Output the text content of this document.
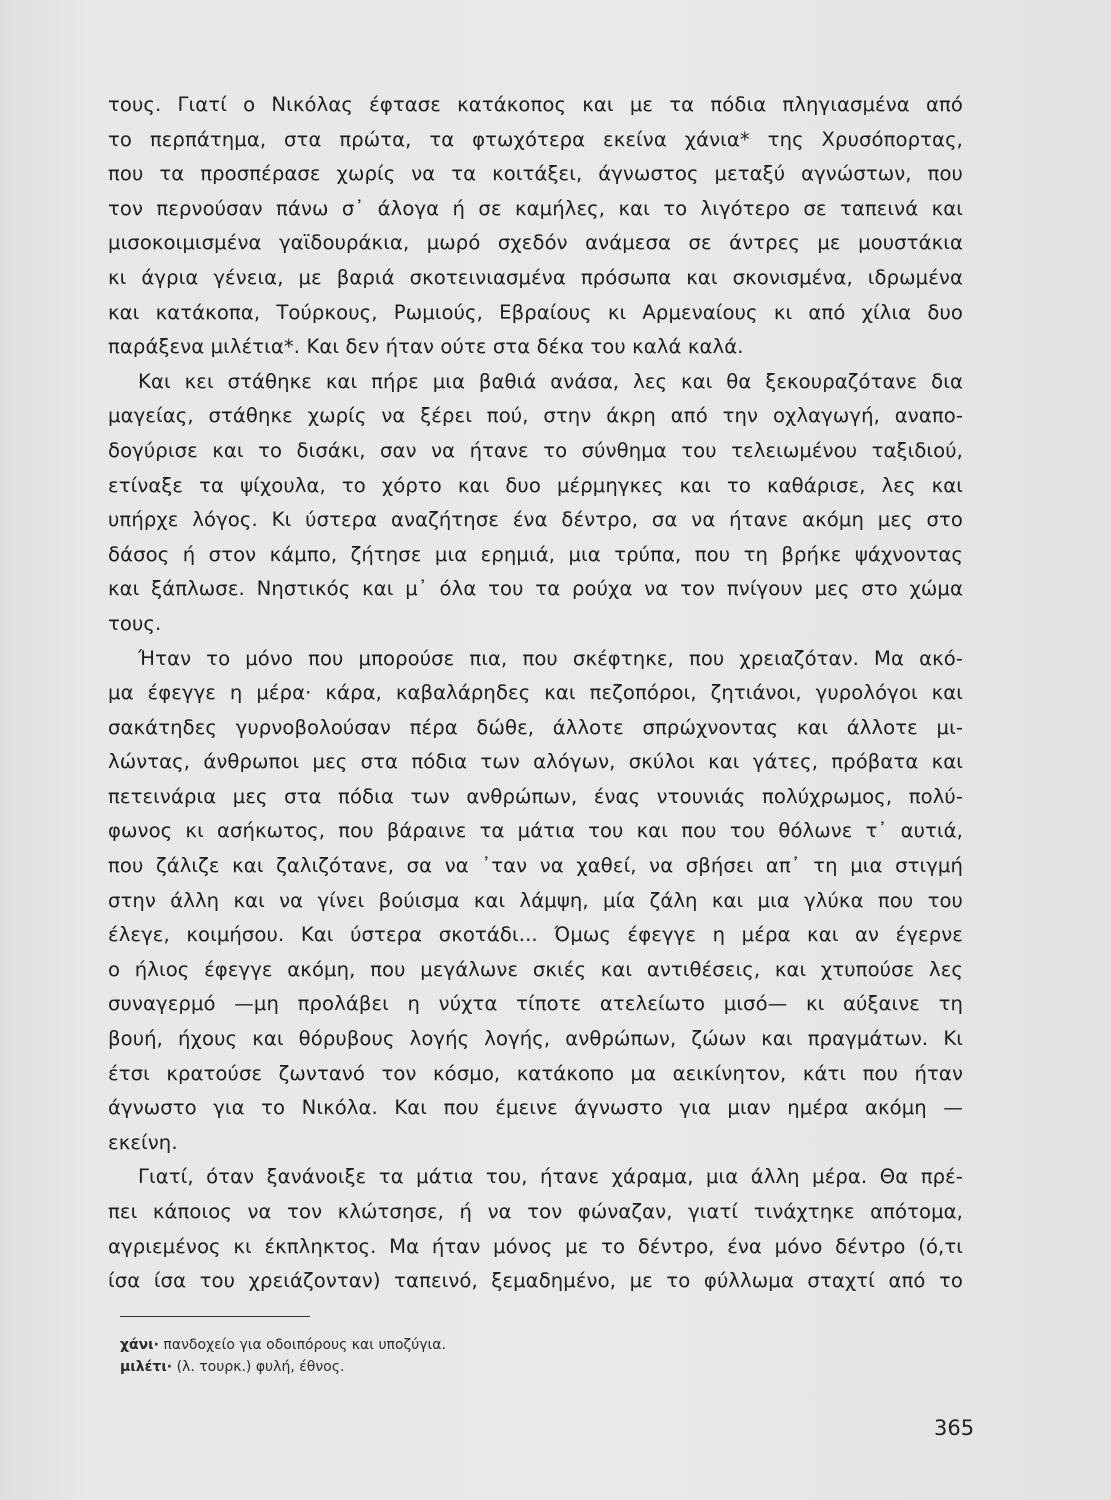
τους. Γιατί ο Νικόλας έφτασε κατάκοπος και με τα πόδια πληγιασμένα από
το περπάτημα, στα πρώτα, τα φτωχότερα εκείνα χάνια* της Χρυσόπορτας,
που τα προσπέρασε χωρίς να τα κοιτάξει, άγνωστος μεταξύ αγνώστων, που
τον περνούσαν πάνω σ᾽ άλογα ή σε καμήλες, και το λιγότερο σε ταπεινά και
μισοκοιμισμένα γαϊδουράκια, μωρό σχεδόν ανάμεσα σε άντρες με μουστάκια
κι άγρια γένεια, με βαριά σκοτεινιασμένα πρόσωπα και σκονισμένα, ιδρωμένα
και κατάκοπα, Τούρκους, Ρωμιούς, Εβραίους κι Αρμεναίους κι από χίλια δυο
παράξενα μιλέτια*. Και δεν ήταν ούτε στα δέκα του καλά καλά.
Και κει στάθηκε και πήρε μια βαθιά ανάσα, λες και θα ξεκουραζότανε δια
μαγείας, στάθηκε χωρίς να ξέρει πού, στην άκρη από την οχλαγωγή, αναπο-
δογύρισε και το δισάκι, σαν να ήτανε το σύνθημα του τελειωμένου ταξιδιού,
ετίναξε τα ψίχουλα, το χόρτο και δυο μέρμηγκες και το καθάρισε, λες και
υπήρχε λόγος. Κι ύστερα αναζήτησε ένα δέντρο, σα να ήτανε ακόμη μες στο
δάσος ή στον κάμπο, ζήτησε μια ερημιά, μια τρύπα, που τη βρήκε ψάχνοντας
και ξάπλωσε. Νηστικός και μ᾽ όλα του τα ρούχα να τον πνίγουν μες στο χώμα
τους.
Ήταν το μόνο που μπορούσε πια, που σκέφτηκε, που χρειαζόταν. Μα ακό-
μα έφεγγε η μέρα· κάρα, καβαλάρηδες και πεζοπόροι, ζητιάνοι, γυρολόγοι και
σακάτηδες γυρνοβολούσαν πέρα δώθε, άλλοτε σπρώχνοντας και άλλοτε μι-
λώντας, άνθρωποι μες στα πόδια των αλόγων, σκύλοι και γάτες, πρόβατα και
πετεινάρια μες στα πόδια των ανθρώπων, ένας ντουνιάς πολύχρωμος, πολύ-
φωνος κι ασήκωτος, που βάραινε τα μάτια του και που του θόλωνε τ᾽ αυτιά,
που ζάλιζε και ζαλιζότανε, σα να ᾽ταν να χαθεί, να σβήσει απ᾽ τη μια στιγμή
στην άλλη και να γίνει βούισμα και λάμψη, μία ζάλη και μια γλύκα που του
έλεγε, κοιμήσου. Και ύστερα σκοτάδι... Όμως έφεγγε η μέρα και αν έγερνε
ο ήλιος έφεγγε ακόμη, που μεγάλωνε σκιές και αντιθέσεις, και χτυπούσε λες
συναγερμό —μη προλάβει η νύχτα τίποτε ατελείωτο μισό— κι αύξαινε τη
βουή, ήχους και θόρυβους λογής λογής, ανθρώπων, ζώων και πραγμάτων. Κι
έτσι κρατούσε ζωντανό τον κόσμο, κατάκοπο μα αεικίνητον, κάτι που ήταν
άγνωστο για το Νικόλα. Και που έμεινε άγνωστο για μιαν ημέρα ακόμη —
εκείνη.
Γιατί, όταν ξανάνοιξε τα μάτια του, ήτανε χάραμα, μια άλλη μέρα. Θα πρέ-
πει κάποιος να τον κλώτσησε, ή να τον φώναζαν, γιατί τινάχτηκε απότομα,
αγριεμένος κι έκπληκτος. Μα ήταν μόνος με το δέντρο, ένα μόνο δέντρο (ό,τι
ίσα ίσα του χρειάζονταν) ταπεινό, ξεμαδημένο, με το φύλλωμα σταχτί από το
χάνι· πανδοχείο για οδοιπόρους και υποζύγια.
μιλέτι· (λ. τουρκ.) φυλή, έθνος.
365
